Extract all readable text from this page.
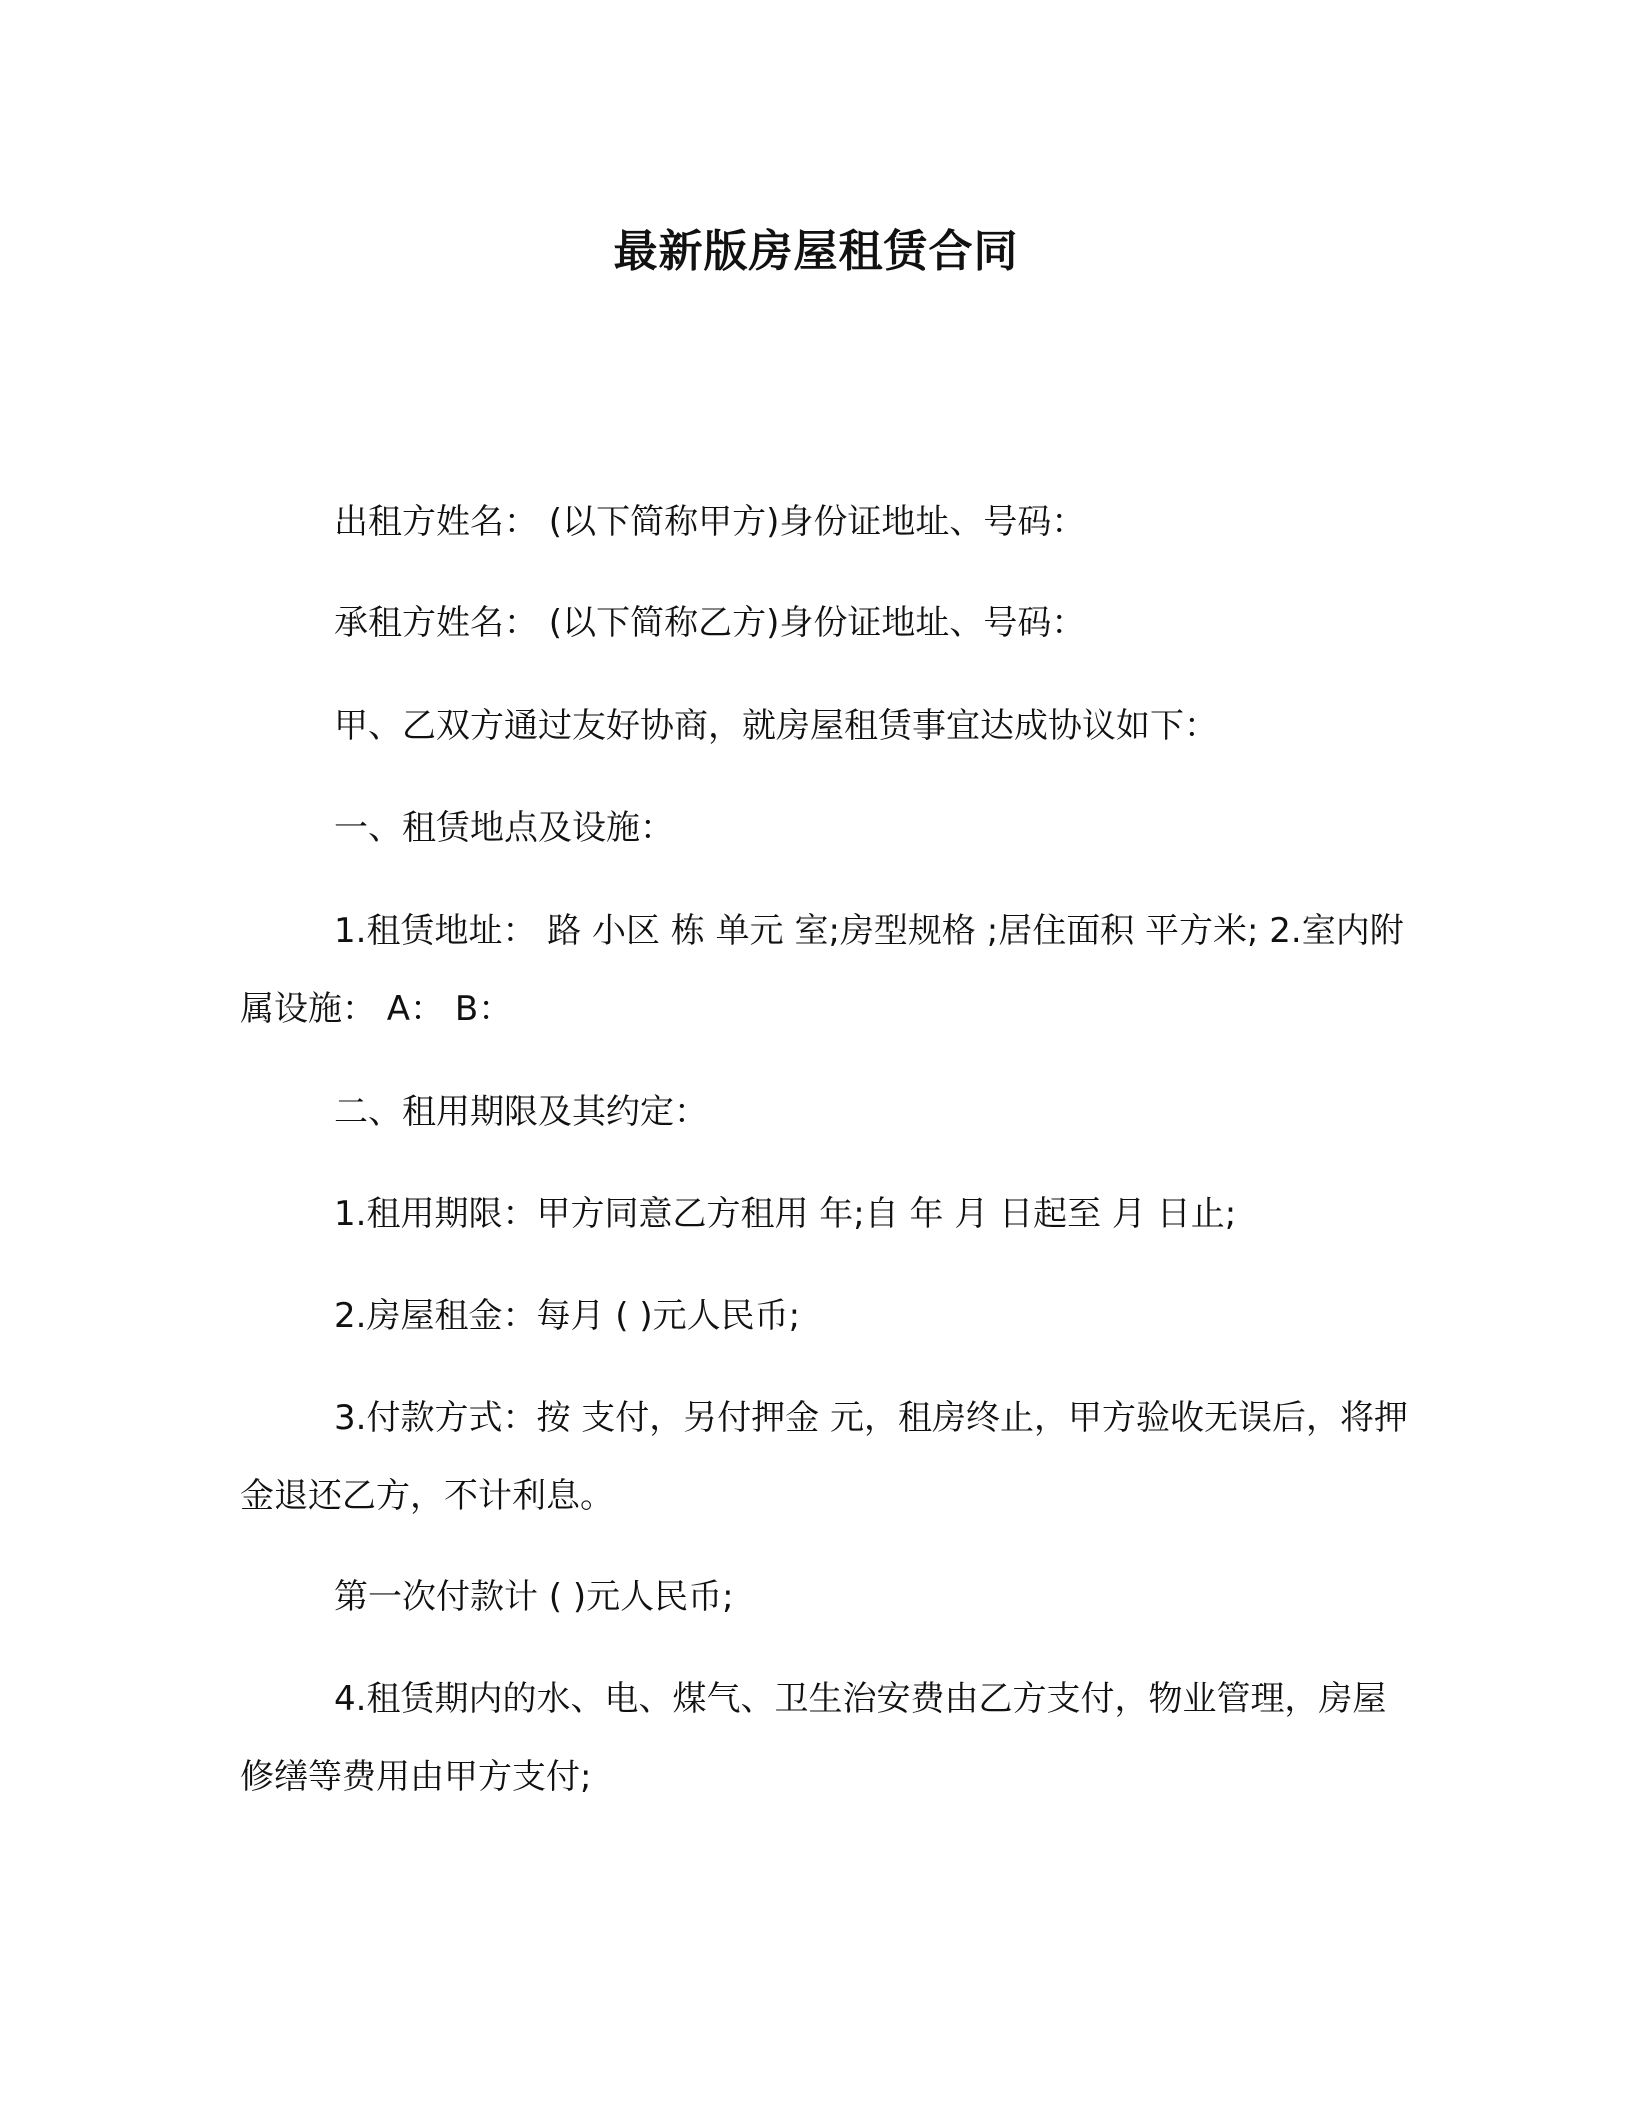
最新版房屋租赁合同

出租方姓名： (以下简称甲方)身份证地址、号码：

承租方姓名： (以下简称乙方)身份证地址、号码：

甲、乙双方通过友好协商，就房屋租赁事宜达成协议如下：

一、租赁地点及设施：

1.租赁地址： 路 小区 栋 单元 室;房型规格 ;居住面积 平方米; 2.室内附属设施： A： B：

二、租用期限及其约定：

1.租用期限：甲方同意乙方租用 年;自 年 月 日起至 月 日止;

2.房屋租金：每月 ( )元人民币;

3.付款方式：按 支付，另付押金 元，租房终止，甲方验收无误后，将押金退还乙方，不计利息。

第一次付款计 ( )元人民币;

4.租赁期内的水、电、煤气、卫生治安费由乙方支付，物业管理，房屋修缮等费用由甲方支付;
